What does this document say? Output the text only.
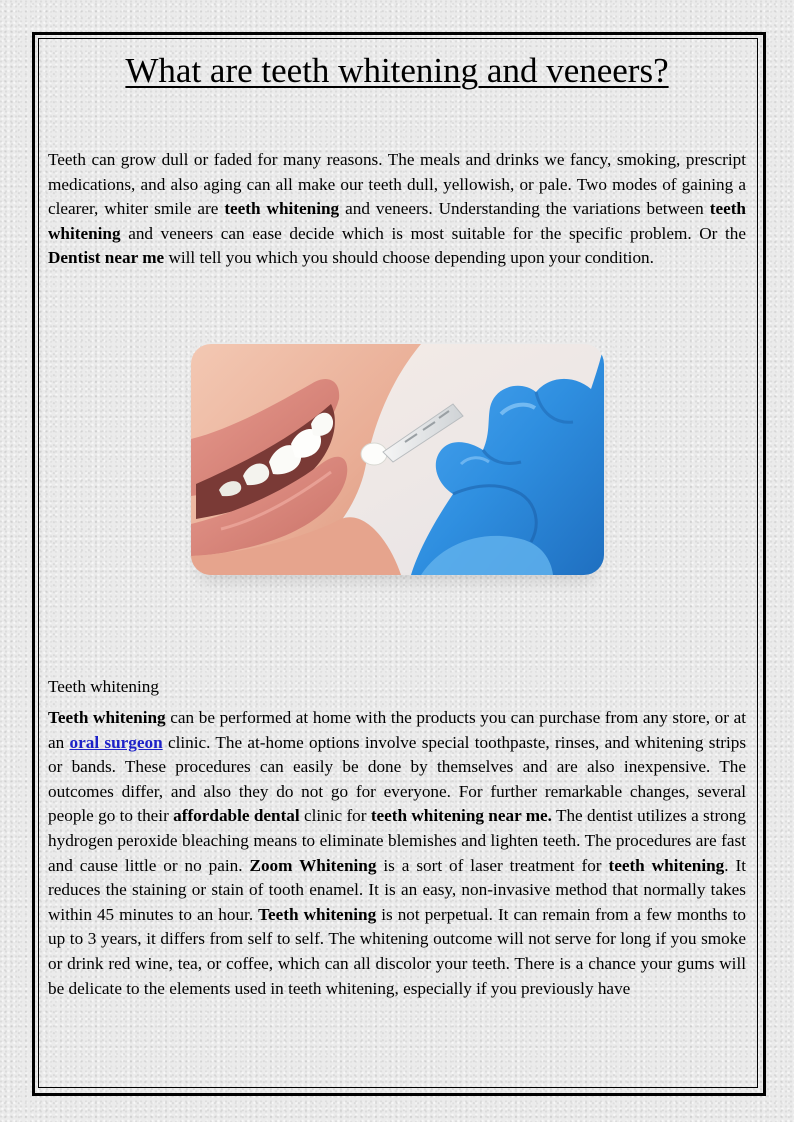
What are teeth whitening and veneers?

Teeth can grow dull or faded for many reasons. The meals and drinks we fancy, smoking, prescript medications, and also aging can all make our teeth dull, yellowish, or pale. Two modes of gaining a clearer, whiter smile are teeth whitening and veneers. Understanding the variations between teeth whitening and veneers can ease decide which is most suitable for the specific problem. Or the Dentist near me will tell you which you should choose depending upon your condition.

Teeth whitening

Teeth whitening can be performed at home with the products you can purchase from any store, or at an oral surgeon clinic. The at-home options involve special toothpaste, rinses, and whitening strips or bands. These procedures can easily be done by themselves and are also inexpensive. The outcomes differ, and also they do not go for everyone. For further remarkable changes, several people go to their affordable dental clinic for teeth whitening near me. The dentist utilizes a strong hydrogen peroxide bleaching means to eliminate blemishes and lighten teeth. The procedures are fast and cause little or no pain. Zoom Whitening is a sort of laser treatment for teeth whitening. It reduces the staining or stain of tooth enamel. It is an easy, non-invasive method that normally takes within 45 minutes to an hour. Teeth whitening is not perpetual. It can remain from a few months to up to 3 years, it differs from self to self. The whitening outcome will not serve for long if you smoke or drink red wine, tea, or coffee, which can all discolor your teeth. There is a chance your gums will be delicate to the elements used in teeth whitening, especially if you previously have
